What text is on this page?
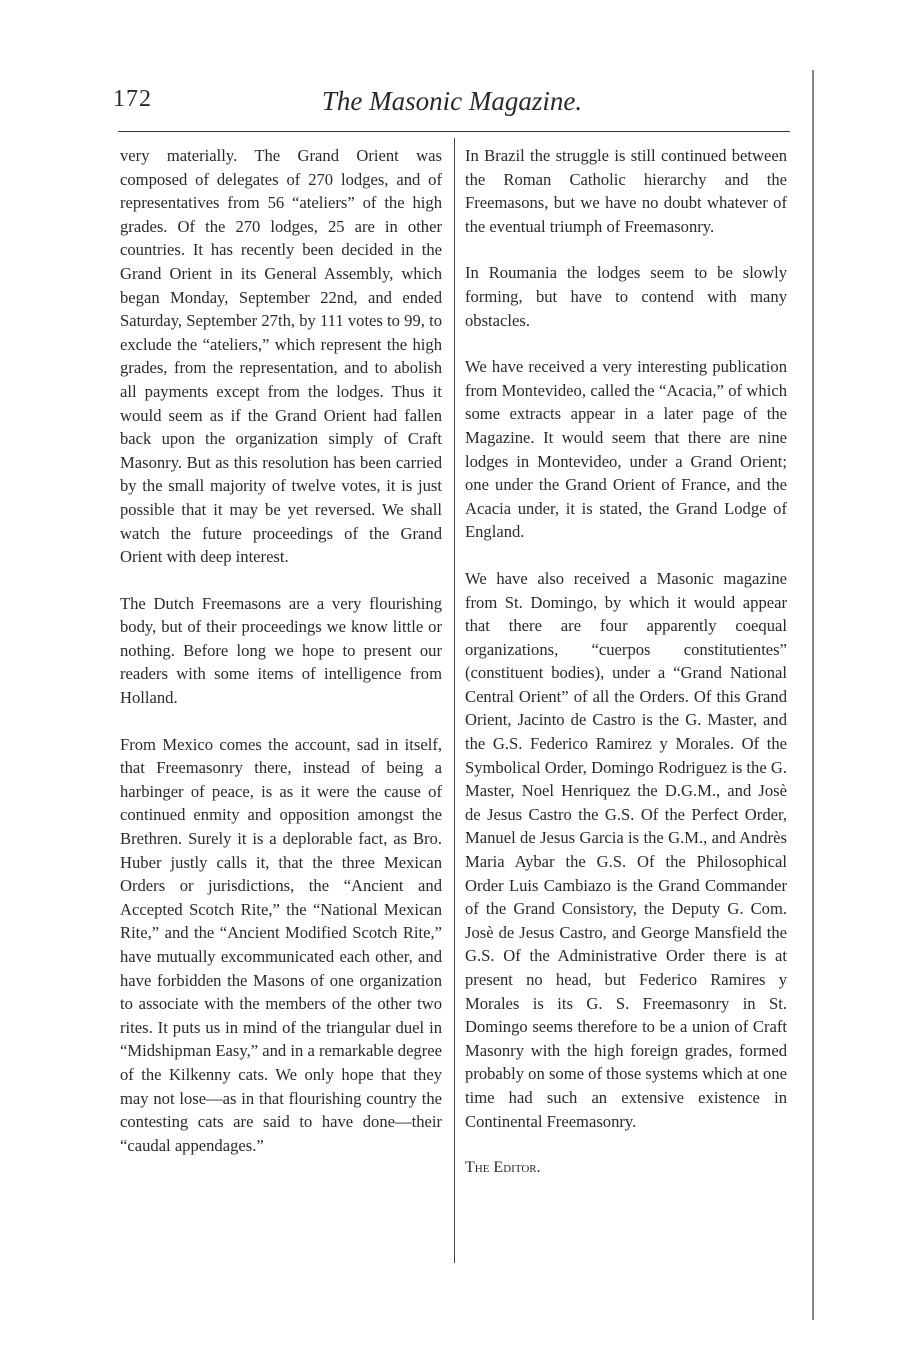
172	The Masonic Magazine.

very materially. The Grand Orient was composed of delegates of 270 lodges, and of representatives from 56 “ateliers” of the high grades. Of the 270 lodges, 25 are in other countries. It has recently been decided in the Grand Orient in its General Assembly, which began Monday, September 22nd, and ended Saturday, September 27th, by 111 votes to 99, to exclude the “ateliers,” which represent the high grades, from the representation, and to abolish all payments except from the lodges. Thus it would seem as if the Grand Orient had fallen back upon the organization simply of Craft Masonry. But as this resolution has been carried by the small majority of twelve votes, it is just possible that it may be yet reversed. We shall watch the future proceedings of the Grand Orient with deep interest.

The Dutch Freemasons are a very flourishing body, but of their proceedings we know little or nothing. Before long we hope to present our readers with some items of intelligence from Holland.

From Mexico comes the account, sad in itself, that Freemasonry there, instead of being a harbinger of peace, is as it were the cause of continued enmity and opposition amongst the Brethren. Surely it is a deplorable fact, as Bro. Huber justly calls it, that the three Mexican Orders or jurisdictions, the “Ancient and Accepted Scotch Rite,” the “National Mexican Rite,” and the “Ancient Modified Scotch Rite,” have mutually excommunicated each other, and have forbidden the Masons of one organization to associate with the members of the other two rites. It puts us in mind of the triangular duel in “Midshipman Easy,” and in a remarkable degree of the Kilkenny cats. We only hope that they may not lose—as in that flourishing country the contesting cats are said to have done—their “caudal appendages.”

In Brazil the struggle is still continued between the Roman Catholic hierarchy and the Freemasons, but we have no doubt whatever of the eventual triumph of Freemasonry.

In Roumania the lodges seem to be slowly forming, but have to contend with many obstacles.

We have received a very interesting publication from Montevideo, called the “Acacia,” of which some extracts appear in a later page of the Magazine. It would seem that there are nine lodges in Montevideo, under a Grand Orient; one under the Grand Orient of France, and the Acacia under, it is stated, the Grand Lodge of England.

We have also received a Masonic magazine from St. Domingo, by which it would appear that there are four apparently coequal organizations, “cuerpos constitutientes” (constituent bodies), under a “Grand National Central Orient” of all the Orders. Of this Grand Orient, Jacinto de Castro is the G. Master, and the G.S. Federico Ramirez y Morales. Of the Symbolical Order, Domingo Rodriguez is the G. Master, Noel Henriquez the D.G.M., and Josè de Jesus Castro the G.S. Of the Perfect Order, Manuel de Jesus Garcia is the G.M., and Andrès Maria Aybar the G.S. Of the Philosophical Order Luis Cambiazo is the Grand Commander of the Grand Consistory, the Deputy G. Com. Josè de Jesus Castro, and George Mansfield the G.S. Of the Administrative Order there is at present no head, but Federico Ramires y Morales is its G. S. Freemasonry in St. Domingo seems therefore to be a union of Craft Masonry with the high foreign grades, formed probably on some of those systems which at one time had such an extensive existence in Continental Freemasonry.

The Editor.
